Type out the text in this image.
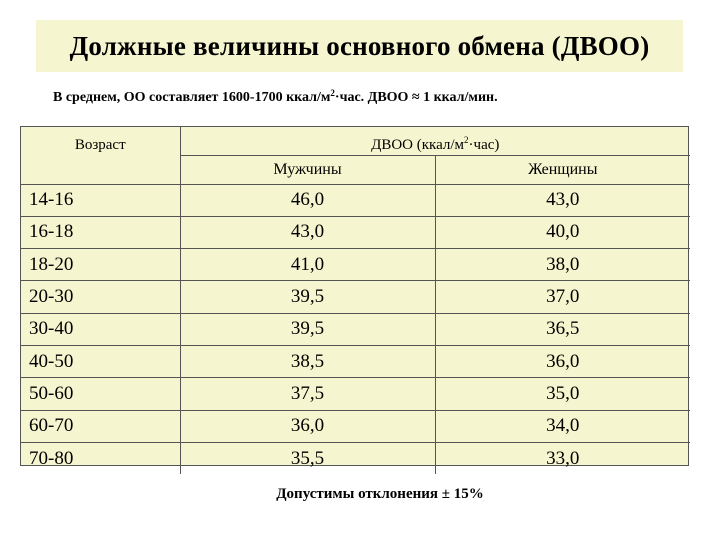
Должные величины основного обмена (ДВОО)
В среднем, ОО составляет 1600-1700 ккал/$м^2\cdot час$. ДВОО ≈ 1 ккал/мин.
Возраст	ДВОО $(ккал/м^2\cdot час)$	
	Мужчины	Женщины
14-16	46,0	43,0
16-18	43,0	40,0
18-20	41,0	38,0
20-30	39,5	37,0
30-40	39,5	36,5
40-50	38,5	36,0
50-60	37,5	35,0
60-70	36,0	34,0
70-80	35,5	33,0
Допустимы отклонения ± 15%
